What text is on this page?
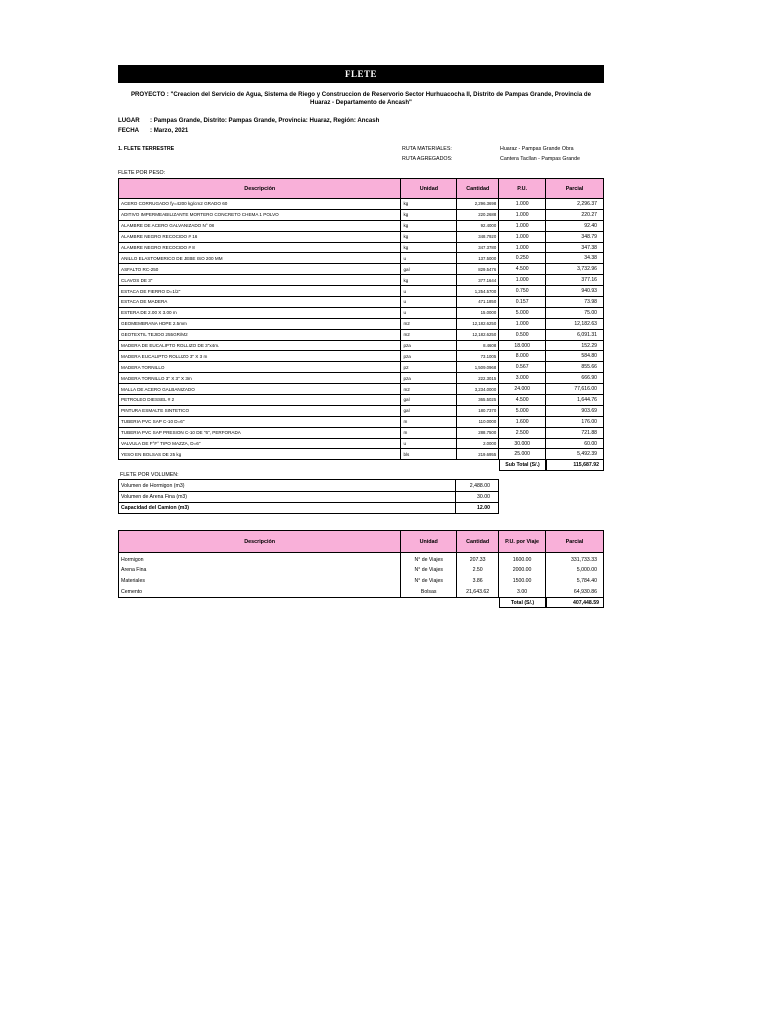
FLETE
PROYECTO : "Creacion del Servicio de Agua, Sistema de Riego y Construccion de Reservorio Sector Hurhuacocha II, Distrito de Pampas Grande, Provincia de Huaraz - Departamento de Ancash"
LUGAR	: Pampas Grande, Distrito: Pampas Grande, Provincia: Huaraz, Región: Ancash
FECHA	: Marzo, 2021
1. FLETE TERRESTRE	RUTA MATERIALES:	Huaraz - Pampas Grande Obra
RUTA AGREGADOS:	Cantera Tacllan - Pampas Grande
FLETE POR PESO:
Descripción	Unidad	Cantidad	P.U.	Parcial
ACERO CORRUGADO fy=4200 kg/cm2 GRADO 60	kg	2,296.3698	1.000	2,296.37
ADITIVO IMPERMEABILIZANTE MORTERO CONCRETO CHEMA 1 POLVO	kg	220.2688	1.000	220.27
ALAMBRE DE ACERO GALVANIZADO N° 08	kg	92.4000	1.000	92.40
ALAMBRE NEGRO RECOCIDO # 16	kg	348.7920	1.000	348.79
ALAMBRE NEGRO RECOCIDO # 8	kg	347.3780	1.000	347.38
ANILLO ELASTOMERICO DE JEBE ISO 200 MM	u	137.5000	0.250	34.38
ASFALTO RC-250	gal	829.5476	4.500	3,732.96
CLAVOS DE 3"	kg	377.1644	1.000	377.16
ESTACA DE FIERRO D=1/2"	u	1,254.5700	0.750	940.93
ESTACA DE MADERA	u	471.1850	0.157	73.98
ESTERA DE 2.00 X 3.00 m	u	15.0000	5.000	75.00
GEOMEMBRANA HDPE 2.5mm	m2	12,182.6250	1.000	12,182.63
GEOTEXTIL TEJIDO 255GR/M2	m2	12,182.6250	0.500	6,091.31
MADERA DE EUCALIPTO ROLLIZO DE 3"x4m.	pza	8.4608	18.000	152.29
MADERA EUCALIPTO ROLLIZO 3" X 3 m	pza	73.1005	8.000	584.80
MADERA TORNILLO	p2	1,509.0968	0.567	855.66
MADERA TORNILLO 3" X 3" X 3m	pza	222.3015	3.000	666.90
MALLA DE ACERO GALBANIZADO	m2	3,234.0000	24.000	77,616.00
PETROLEO DIESSEL # 2	gal	365.5025	4.500	1,644.76
PINTURA ESMALTE SINTETICO	gal	180.7370	5.000	903.69
TUBERIA PVC SAP C-10 D=6"	m	110.0000	1.600	176.00
TUBERIA PVC SAP PRESION C-10 DE "6", PERFORADA	m	288.7500	2.500	721.88
VALVULA DE F°F° TIPO MAZZA, D=6"	u	2.0000	30.000	60.00
YESO EN BOLSAS DE 25 kg	bls	219.6955	25.000	5,492.39
Sub Total (S/.)	115,687.92
FLETE POR VOLUMEN:
Volumen de Hormigon (m3)	2,488.00
Volumen de Arena Fina (m3)	30.00
Capacidad del Camion (m3)	12.00
Descripción	Unidad	Cantidad	P.U. por Viaje	Parcial
Hormigon	N° de Viajes	207.33	1600.00	331,733.33
Arena Fina	N° de Viajes	2.50	2000.00	5,000.00
Materiales	N° de Viajes	3.86	1500.00	5,784.40
Cemento	Bolsas	21,643.62	3.00	64,930.86
Total (S/.)	407,448.59
